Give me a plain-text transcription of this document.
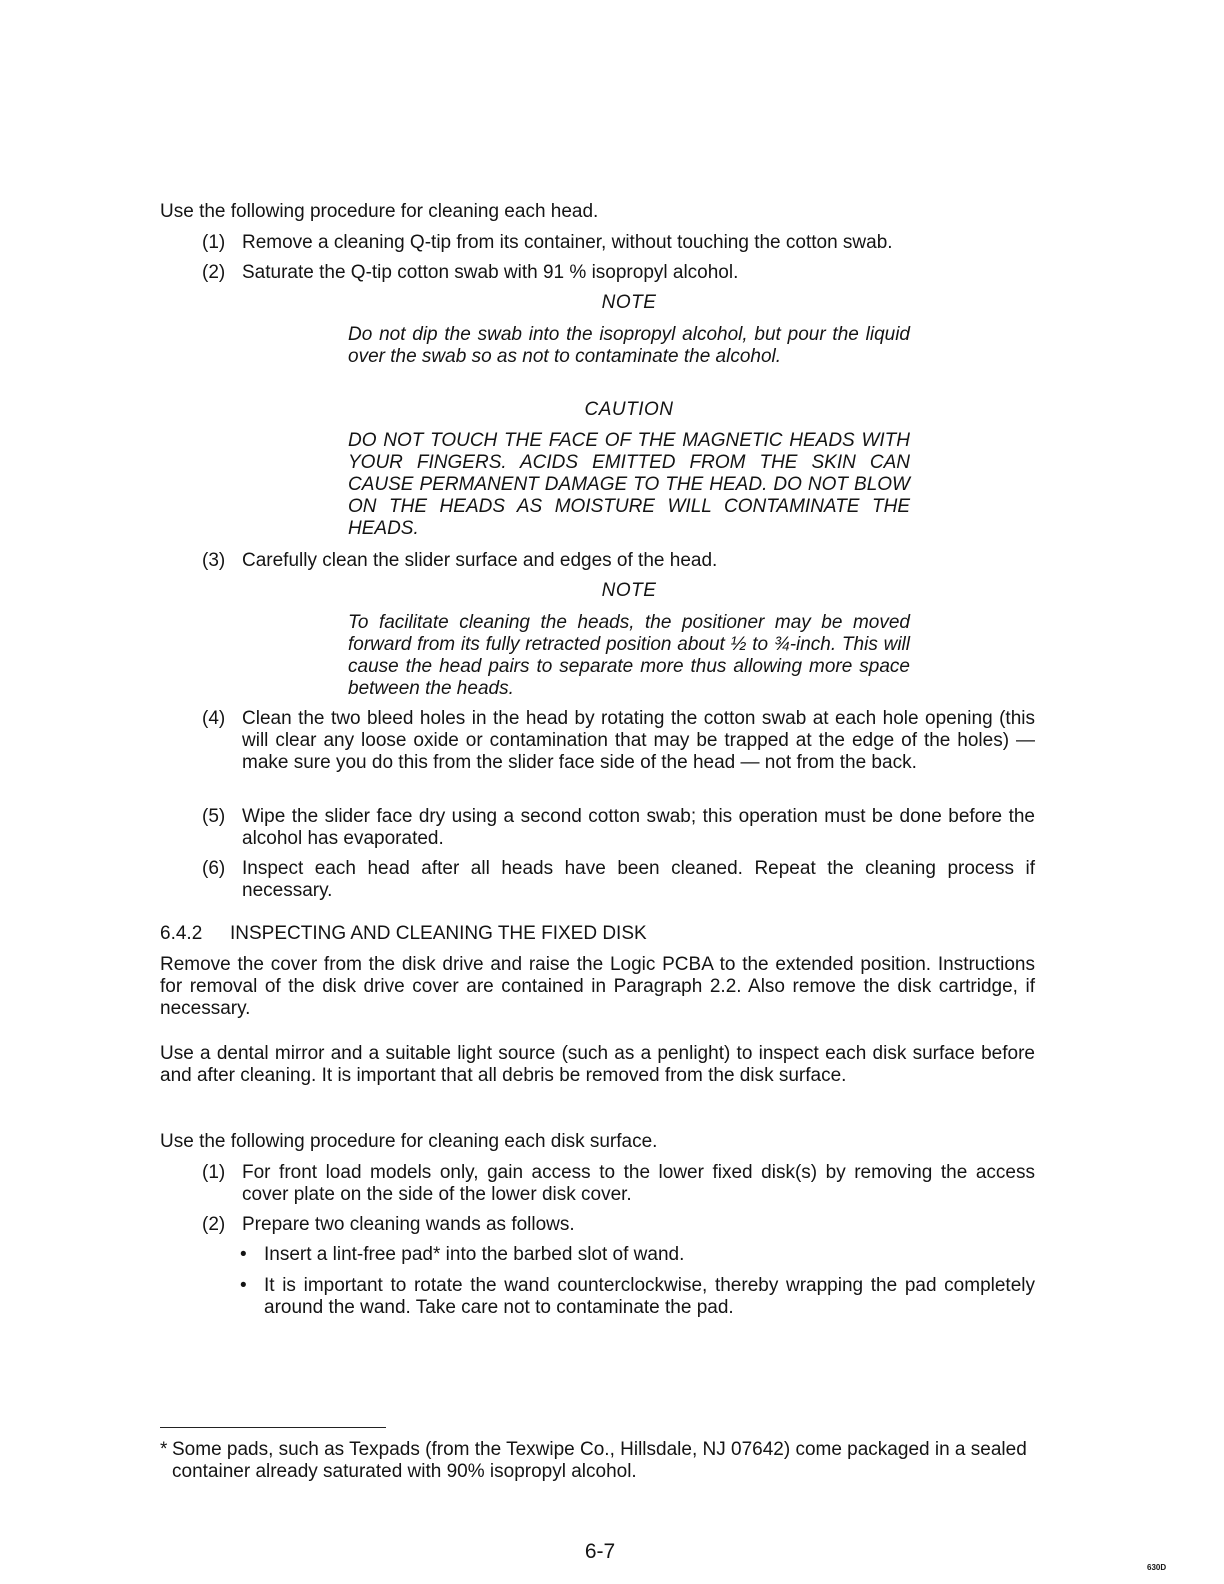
Use the following procedure for cleaning each head.

(1) Remove a cleaning Q-tip from its container, without touching the cotton swab.
(2) Saturate the Q-tip cotton swab with 91 % isopropyl alcohol.

NOTE

Do not dip the swab into the isopropyl alcohol, but pour the liquid over the swab so as not to contaminate the alcohol.

CAUTION

DO NOT TOUCH THE FACE OF THE MAGNETIC HEADS WITH YOUR FINGERS. ACIDS EMITTED FROM THE SKIN CAN CAUSE PERMANENT DAMAGE TO THE HEAD. DO NOT BLOW ON THE HEADS AS MOISTURE WILL CONTAMINATE THE HEADS.

(3) Carefully clean the slider surface and edges of the head.

NOTE

To facilitate cleaning the heads, the positioner may be moved forward from its fully retracted position about ½ to ¾-inch. This will cause the head pairs to separate more thus allowing more space between the heads.

(4) Clean the two bleed holes in the head by rotating the cotton swab at each hole opening (this will clear any loose oxide or contamination that may be trapped at the edge of the holes) — make sure you do this from the slider face side of the head — not from the back.
(5) Wipe the slider face dry using a second cotton swab; this operation must be done before the alcohol has evaporated.
(6) Inspect each head after all heads have been cleaned. Repeat the cleaning process if necessary.
6.4.2	INSPECTING AND CLEANING THE FIXED DISK

Remove the cover from the disk drive and raise the Logic PCBA to the extended position. Instructions for removal of the disk drive cover are contained in Paragraph 2.2. Also remove the disk cartridge, if necessary.

Use a dental mirror and a suitable light source (such as a penlight) to inspect each disk surface before and after cleaning. It is important that all debris be removed from the disk surface.

Use the following procedure for cleaning each disk surface.

(1) For front load models only, gain access to the lower fixed disk(s) by removing the access cover plate on the side of the lower disk cover.
(2) Prepare two cleaning wands as follows.
• Insert a lint-free pad* into the barbed slot of wand.
• It is important to rotate the wand counterclockwise, thereby wrapping the pad completely around the wand. Take care not to contaminate the pad.
* Some pads, such as Texpads (from the Texwipe Co., Hillsdale, NJ 07642) come packaged in a sealed container already saturated with 90% isopropyl alcohol.
6-7
630D
